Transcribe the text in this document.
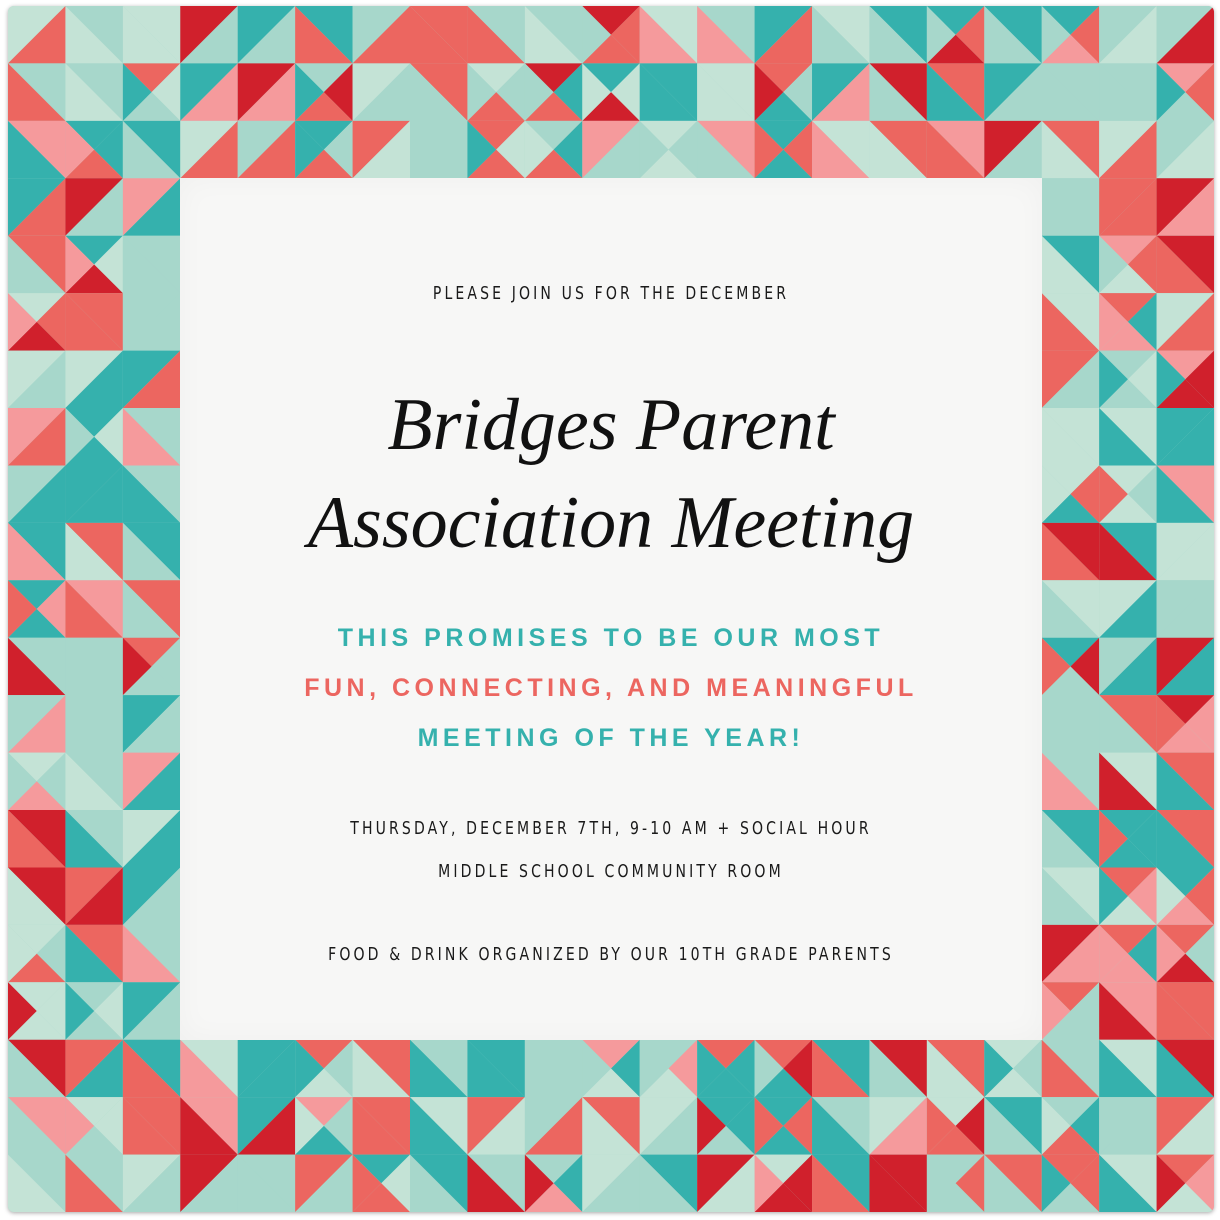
PLEASE JOIN US FOR THE DECEMBER

Bridges Parent

Association Meeting

THIS PROMISES TO BE OUR MOST

FUN, CONNECTING, AND MEANINGFUL

MEETING OF THE YEAR!

THURSDAY, DECEMBER 7TH, 9-10 AM + SOCIAL HOUR

MIDDLE SCHOOL COMMUNITY ROOM

FOOD & DRINK ORGANIZED BY OUR 10TH GRADE PARENTS
